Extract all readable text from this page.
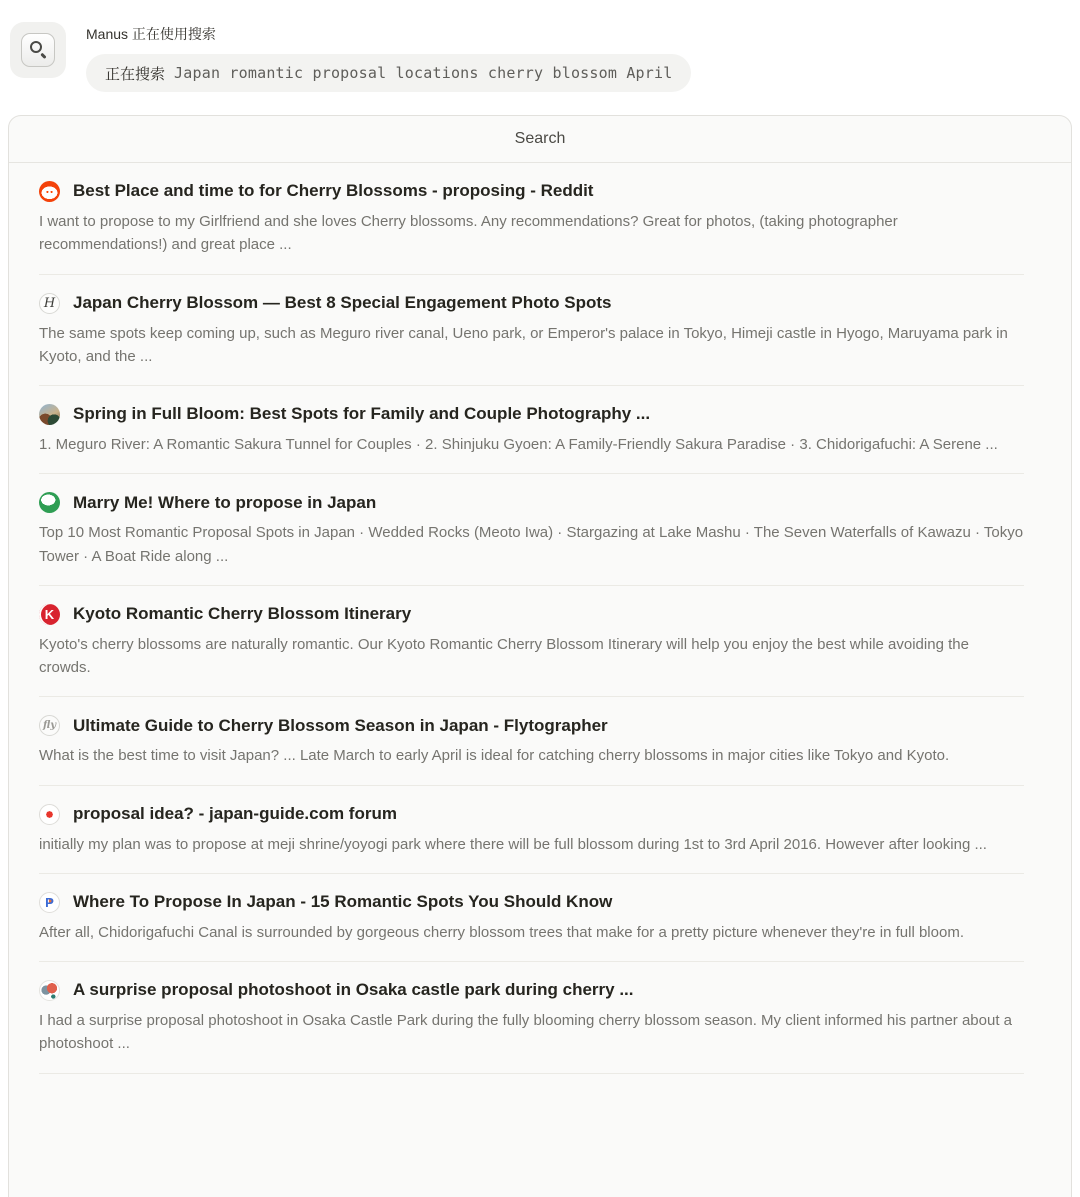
Manus 正在使用搜索
正在搜索 Japan romantic proposal locations cherry blossom April
Search
Best Place and time to for Cherry Blossoms - proposing - Reddit
I want to propose to my Girlfriend and she loves Cherry blossoms. Any recommendations? Great for photos, (taking photographer recommendations!) and great place ...
H Japan Cherry Blossom — Best 8 Special Engagement Photo Spots
The same spots keep coming up, such as Meguro river canal, Ueno park, or Emperor's palace in Tokyo, Himeji castle in Hyogo, Maruyama park in Kyoto, and the ...
Spring in Full Bloom: Best Spots for Family and Couple Photography ...
1. Meguro River: A Romantic Sakura Tunnel for Couples · 2. Shinjuku Gyoen: A Family-Friendly Sakura Paradise · 3. Chidorigafuchi: A Serene ...
Marry Me! Where to propose in Japan
Top 10 Most Romantic Proposal Spots in Japan · Wedded Rocks (Meoto Iwa) · Stargazing at Lake Mashu · The Seven Waterfalls of Kawazu · Tokyo Tower · A Boat Ride along ...
K	Kyoto Romantic Cherry Blossom Itinerary
Kyoto's cherry blossoms are naturally romantic. Our Kyoto Romantic Cherry Blossom Itinerary will help you enjoy the best while avoiding the crowds.
fly Ultimate Guide to Cherry Blossom Season in Japan - Flytographer
What is the best time to visit Japan? ... Late March to early April is ideal for catching cherry blossoms in major cities like Tokyo and Kyoto.
proposal idea? - japan-guide.com forum
initially my plan was to propose at meji shrine/yoyogi park where there will be full blossom during 1st to 3rd April 2016. However after looking ...
P	Where To Propose In Japan - 15 Romantic Spots You Should Know
After all, Chidorigafuchi Canal is surrounded by gorgeous cherry blossom trees that make for a pretty picture whenever they're in full bloom.
A surprise proposal photoshoot in Osaka castle park during cherry ...
I had a surprise proposal photoshoot in Osaka Castle Park during the fully blooming cherry blossom season. My client informed his partner about a photoshoot ...
